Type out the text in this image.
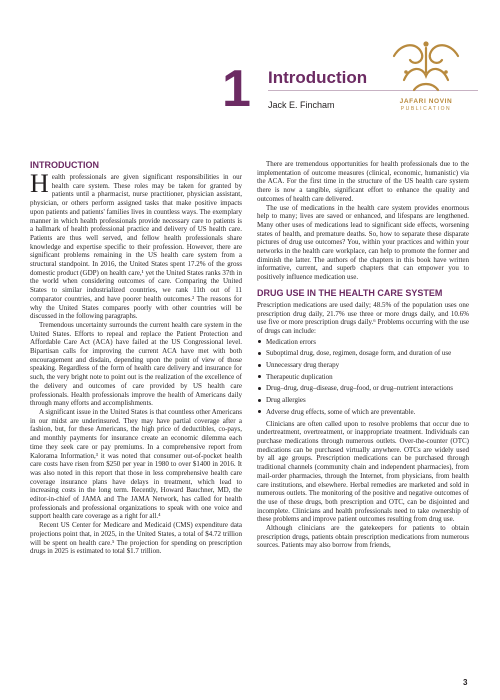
1 Introduction
Jack E. Fincham	JAFARI NOVIN
PUBLICATION
INTRODUCTION

Health professionals are given significant responsibilities in our health care system. These roles may be taken for granted by patients until a pharmacist, nurse practitioner, physician assistant, physician, or others perform assigned tasks that make positive impacts upon patients and patients' families lives in countless ways. The exemplary manner in which health professionals provide necessary care to patients is a hallmark of health professional practice and delivery of US health care. Patients are thus well served, and fellow health professionals share knowledge and expertise specific to their profession. However, there are significant problems remaining in the US health care system from a structural standpoint. In 2016, the United States spent 17.2% of the gross domestic product (GDP) on health care,¹ yet the United States ranks 37th in the world when considering outcomes of care. Comparing the United States to similar industrialized countries, we rank 11th out of 11 comparator countries, and have poorer health outcomes.² The reasons for why the United States compares poorly with other countries will be discussed in the following paragraphs.

Tremendous uncertainty surrounds the current health care system in the United States. Efforts to repeal and replace the Patient Protection and Affordable Care Act (ACA) have failed at the US Congressional level. Bipartisan calls for improving the current ACA have met with both encouragement and disdain, depending upon the point of view of those speaking. Regardless of the form of health care delivery and insurance for such, the very bright note to point out is the realization of the excellence of the delivery and outcomes of care provided by US health care professionals. Health professionals improve the health of Americans daily through many efforts and accomplishments.

A significant issue in the United States is that countless other Americans in our midst are underinsured. They may have partial coverage after a fashion, but, for these Americans, the high price of deductibles, co-pays, and monthly payments for insurance create an economic dilemma each time they seek care or pay premiums. In a comprehensive report from Kalorama Information,³ it was noted that consumer out-of-pocket health care costs have risen from $250 per year in 1980 to over $1400 in 2016. It was also noted in this report that those in less comprehensive health care coverage insurance plans have delays in treatment, which lead to increasing costs in the long term. Recently, Howard Bauchner, MD, the editor-in-chief of JAMA and The JAMA Network, has called for health professionals and professional organizations to speak with one voice and support health care coverage as a right for all.⁴

Recent US Center for Medicare and Medicaid (CMS) expenditure data projections point that, in 2025, in the United States, a total of $4.72 trillion will be spent on health care.⁵ The projection for spending on prescription drugs in 2025 is estimated to total $1.7 trillion.

There are tremendous opportunities for health professionals due to the implementation of outcome measures (clinical, economic, humanistic) via the ACA. For the first time in the structure of the US health care system there is now a tangible, significant effort to enhance the quality and outcomes of health care delivered.

The use of medications in the health care system provides enormous help to many; lives are saved or enhanced, and lifespans are lengthened. Many other uses of medications lead to significant side effects, worsening states of health, and premature deaths. So, how to separate these disparate pictures of drug use outcomes? You, within your practices and within your networks in the health care workplace, can help to promote the former and diminish the latter. The authors of the chapters in this book have written informative, current, and superb chapters that can empower you to positively influence medication use.

DRUG USE IN THE HEALTH CARE SYSTEM

Prescription medications are used daily; 48.5% of the population uses one prescription drug daily, 21.7% use three or more drugs daily, and 10.6% use five or more prescription drugs daily.⁶ Problems occurring with the use of drugs can include:

Medication errors
Suboptimal drug, dose, regimen, dosage form, and duration of use
Unnecessary drug therapy
Therapeutic duplication
Drug–drug, drug–disease, drug–food, or drug–nutrient interactions
Drug allergies
Adverse drug effects, some of which are preventable.

Clinicians are often called upon to resolve problems that occur due to undertreatment, overtreatment, or inappropriate treatment. Individuals can purchase medications through numerous outlets. Over-the-counter (OTC) medications can be purchased virtually anywhere. OTCs are widely used by all age groups. Prescription medications can be purchased through traditional channels (community chain and independent pharmacies), from mail-order pharmacies, through the Internet, from physicians, from health care institutions, and elsewhere. Herbal remedies are marketed and sold in numerous outlets. The monitoring of the positive and negative outcomes of the use of these drugs, both prescription and OTC, can be disjointed and incomplete. Clinicians and health professionals need to take ownership of these problems and improve patient outcomes resulting from drug use.

Although clinicians are the gatekeepers for patients to obtain prescription drugs, patients obtain prescription medications from numerous sources. Patients may also borrow from friends,

3
